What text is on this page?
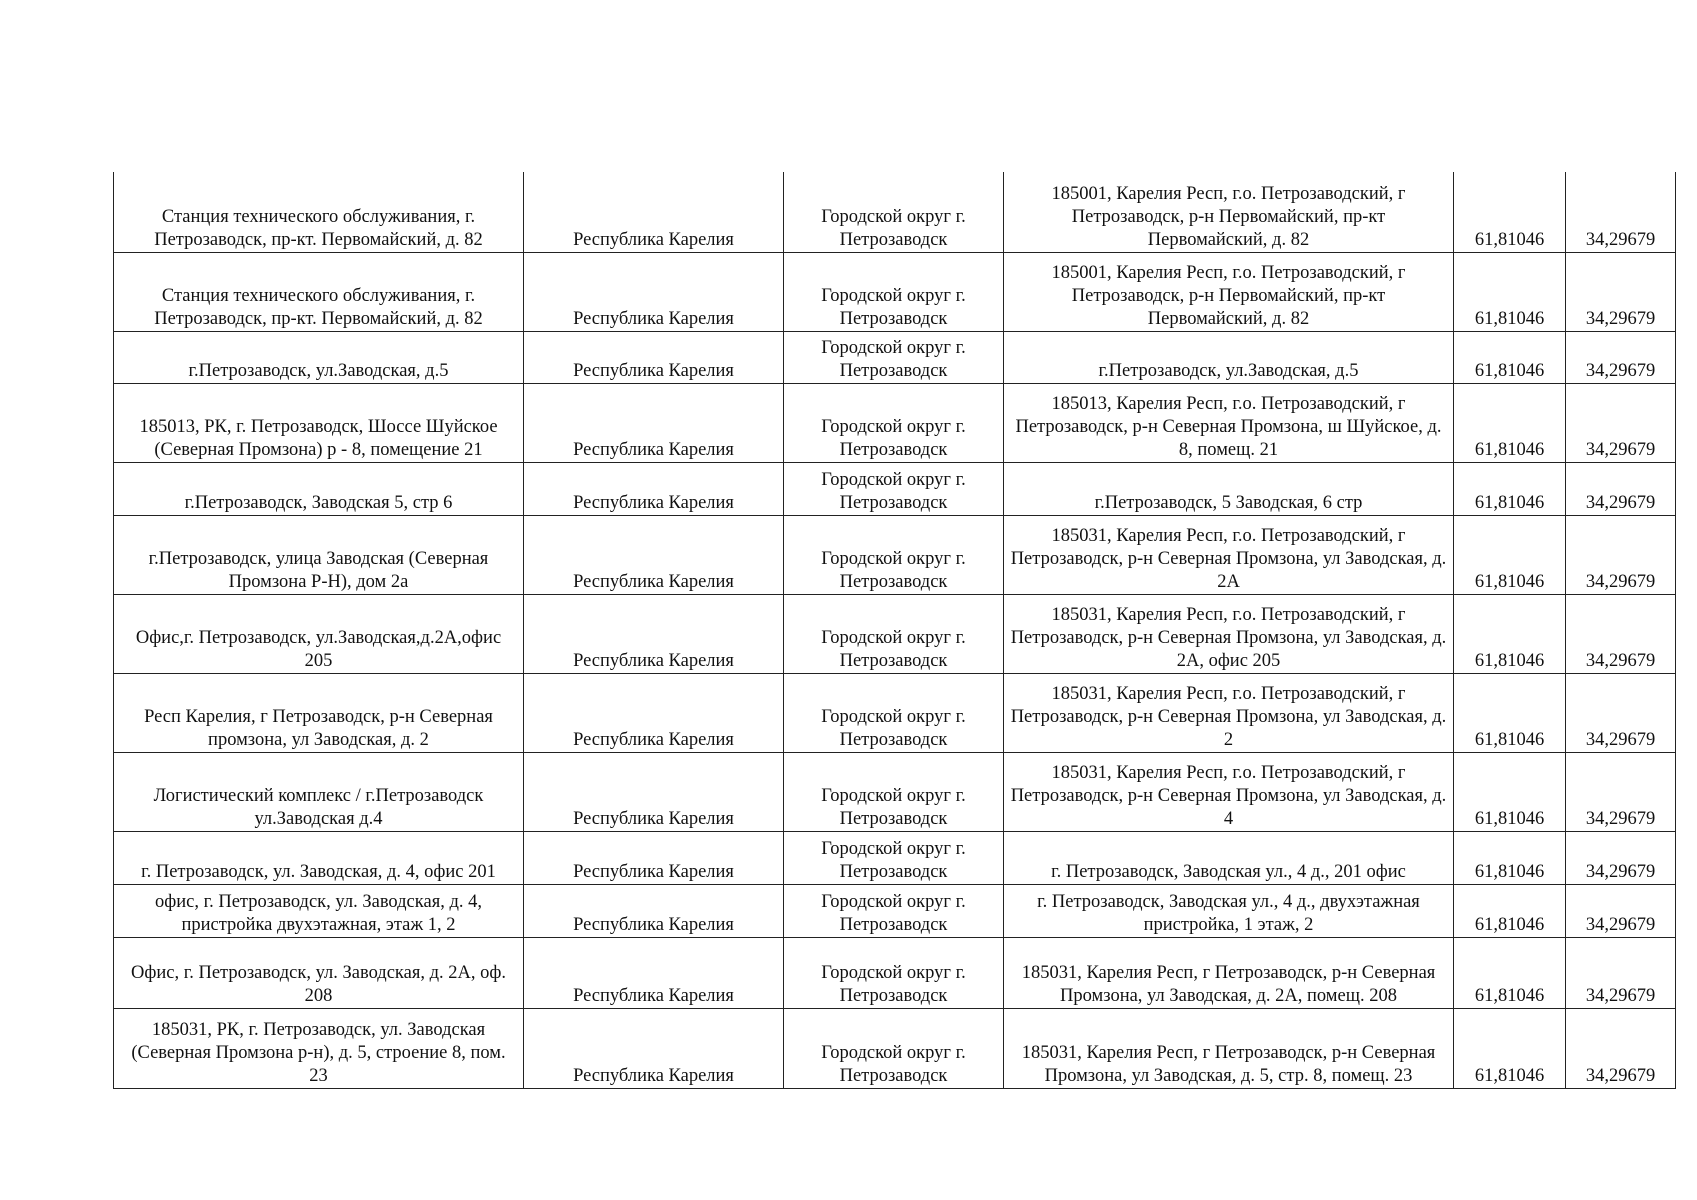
Станция технического обслуживания, г. Петрозаводск, пр-кт. Первомайский, д. 82	Республика Карелия	Городской округ г. Петрозаводск	185001, Карелия Респ, г.о. Петрозаводский, г Петрозаводск, р-н Первомайский, пр-кт Первомайский, д. 82	61,81046	34,29679
Станция технического обслуживания, г. Петрозаводск, пр-кт. Первомайский, д. 82	Республика Карелия	Городской округ г. Петрозаводск	185001, Карелия Респ, г.о. Петрозаводский, г Петрозаводск, р-н Первомайский, пр-кт Первомайский, д. 82	61,81046	34,29679
г.Петрозаводск, ул.Заводская, д.5	Республика Карелия	Городской округ г. Петрозаводск	г.Петрозаводск, ул.Заводская, д.5	61,81046	34,29679
185013, РК, г. Петрозаводск, Шоссе Шуйское (Северная Промзона) р - 8, помещение 21	Республика Карелия	Городской округ г. Петрозаводск	185013, Карелия Респ, г.о. Петрозаводский, г Петрозаводск, р-н Северная Промзона, ш Шуйское, д. 8, помещ. 21	61,81046	34,29679
г.Петрозаводск, Заводская 5, стр 6	Республика Карелия	Городской округ г. Петрозаводск	г.Петрозаводск, 5 Заводская, 6 стр	61,81046	34,29679
г.Петрозаводск, улица Заводская (Северная Промзона Р-Н), дом 2а	Республика Карелия	Городской округ г. Петрозаводск	185031, Карелия Респ, г.о. Петрозаводский, г Петрозаводск, р-н Северная Промзона, ул Заводская, д. 2А	61,81046	34,29679
Офис,г. Петрозаводск, ул.Заводская,д.2А,офис 205	Республика Карелия	Городской округ г. Петрозаводск	185031, Карелия Респ, г.о. Петрозаводский, г Петрозаводск, р-н Северная Промзона, ул Заводская, д. 2А, офис 205	61,81046	34,29679
Респ Карелия, г Петрозаводск, р-н Северная промзона, ул Заводская, д. 2	Республика Карелия	Городской округ г. Петрозаводск	185031, Карелия Респ, г.о. Петрозаводский, г Петрозаводск, р-н Северная Промзона, ул Заводская, д. 2	61,81046	34,29679
Логистический комплекс / г.Петрозаводск ул.Заводская д.4	Республика Карелия	Городской округ г. Петрозаводск	185031, Карелия Респ, г.о. Петрозаводский, г Петрозаводск, р-н Северная Промзона, ул Заводская, д. 4	61,81046	34,29679
г. Петрозаводск, ул. Заводская, д. 4, офис 201	Республика Карелия	Городской округ г. Петрозаводск	г. Петрозаводск, Заводская ул., 4 д., 201 офис	61,81046	34,29679
офис, г. Петрозаводск, ул. Заводская, д. 4, пристройка двухэтажная, этаж 1, 2	Республика Карелия	Городской округ г. Петрозаводск	г. Петрозаводск, Заводская ул., 4 д., двухэтажная пристройка, 1 этаж, 2	61,81046	34,29679
Офис, г. Петрозаводск, ул. Заводская, д. 2А, оф. 208	Республика Карелия	Городской округ г. Петрозаводск	185031, Карелия Респ, г Петрозаводск, р-н Северная Промзона, ул Заводская, д. 2А, помещ. 208	61,81046	34,29679
185031, РК, г. Петрозаводск, ул. Заводская (Северная Промзона р-н), д. 5, строение 8, пом. 23	Республика Карелия	Городской округ г. Петрозаводск	185031, Карелия Респ, г Петрозаводск, р-н Северная Промзона, ул Заводская, д. 5, стр. 8, помещ. 23	61,81046	34,29679
